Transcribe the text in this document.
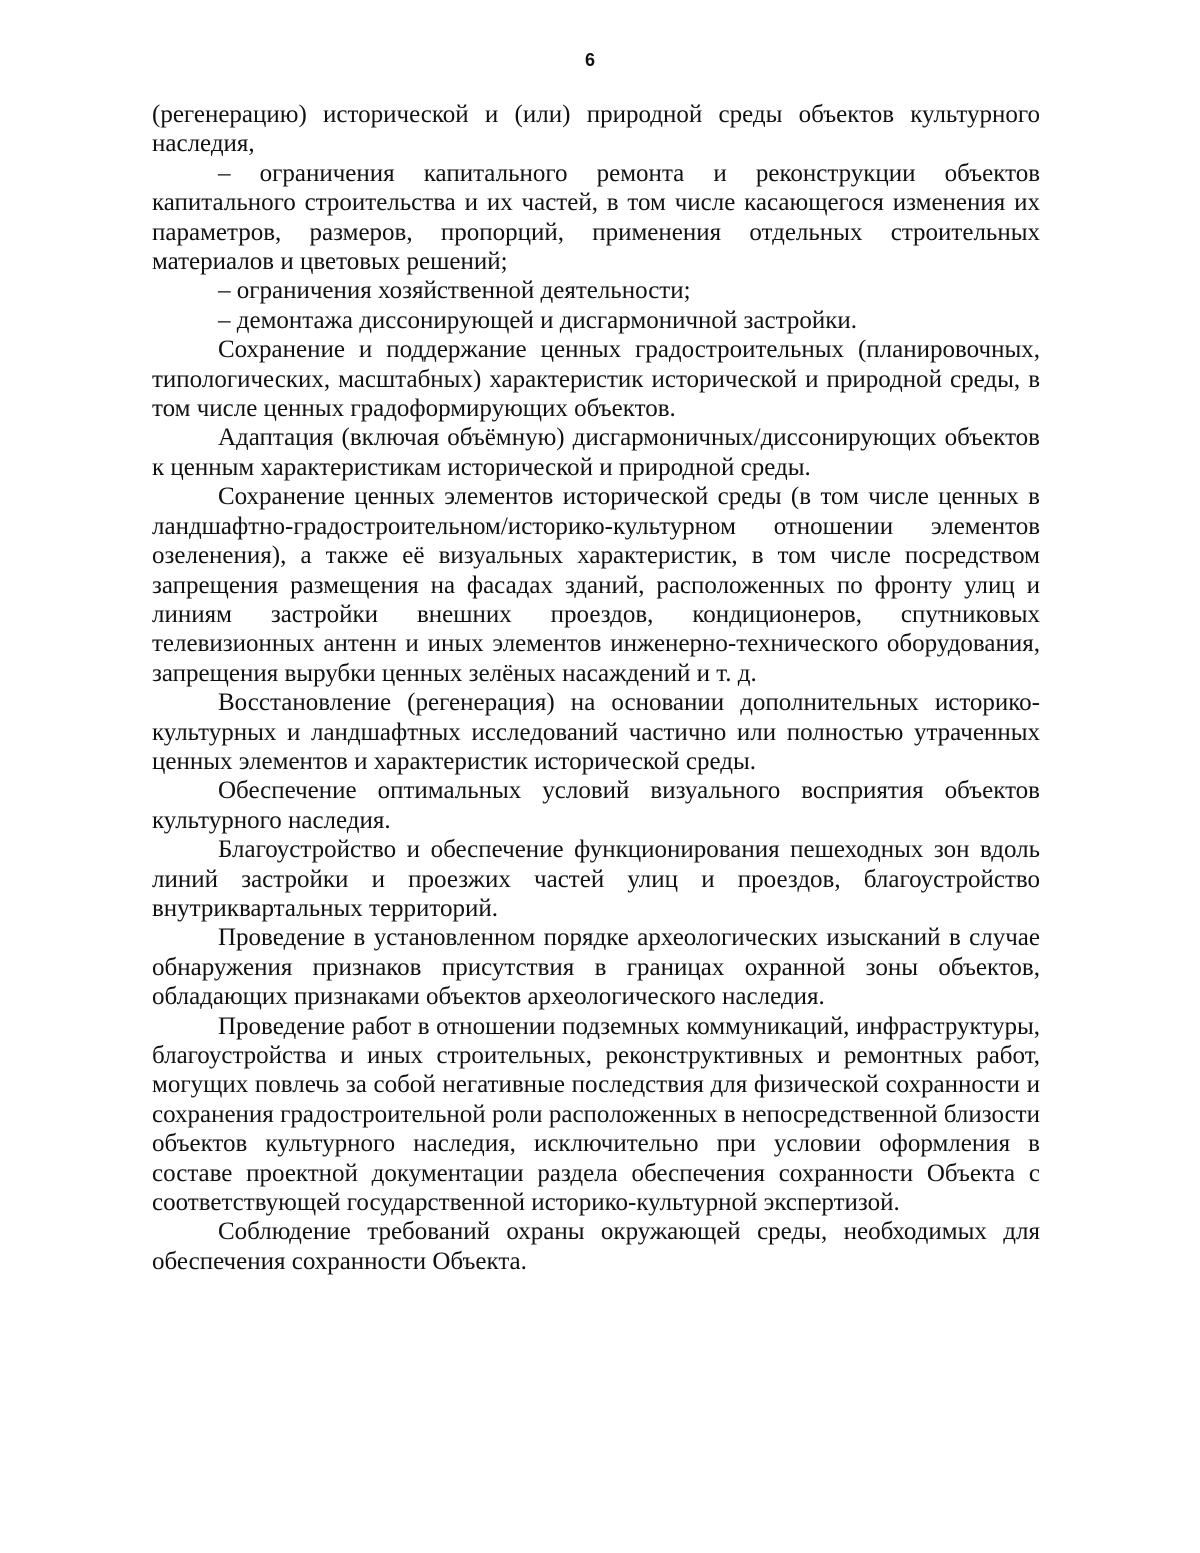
6

(регенерацию) исторической и (или) природной среды объектов культурного наследия,

– ограничения капитального ремонта и реконструкции объектов капитального строительства и их частей, в том числе касающегося изменения их параметров, размеров, пропорций, применения отдельных строительных материалов и цветовых решений;

– ограничения хозяйственной деятельности;

– демонтажа диссонирующей и дисгармоничной застройки.

Сохранение и поддержание ценных градостроительных (планировочных, типологических, масштабных) характеристик исторической и природной среды, в том числе ценных градоформирующих объектов.

Адаптация (включая объёмную) дисгармоничных/диссонирующих объектов к ценным характеристикам исторической и природной среды.

Сохранение ценных элементов исторической среды (в том числе ценных в ландшафтно-градостроительном/историко-культурном отношении элементов озеленения), а также её визуальных характеристик, в том числе посредством запрещения размещения на фасадах зданий, расположенных по фронту улиц и линиям застройки внешних проездов, кондиционеров, спутниковых телевизионных антенн и иных элементов инженерно-технического оборудования, запрещения вырубки ценных зелёных насаждений и т. д.

Восстановление (регенерация) на основании дополнительных историко-культурных и ландшафтных исследований частично или полностью утраченных ценных элементов и характеристик исторической среды.

Обеспечение оптимальных условий визуального восприятия объектов культурного наследия.

Благоустройство и обеспечение функционирования пешеходных зон вдоль линий застройки и проезжих частей улиц и проездов, благоустройство внутриквартальных территорий.

Проведение в установленном порядке археологических изысканий в случае обнаружения признаков присутствия в границах охранной зоны объектов, обладающих признаками объектов археологического наследия.

Проведение работ в отношении подземных коммуникаций, инфраструктуры, благоустройства и иных строительных, реконструктивных и ремонтных работ, могущих повлечь за собой негативные последствия для физической сохранности и сохранения градостроительной роли расположенных в непосредственной близости объектов культурного наследия, исключительно при условии оформления в составе проектной документации раздела обеспечения сохранности Объекта с соответствующей государственной историко-культурной экспертизой.

Соблюдение требований охраны окружающей среды, необходимых для обеспечения сохранности Объекта.
